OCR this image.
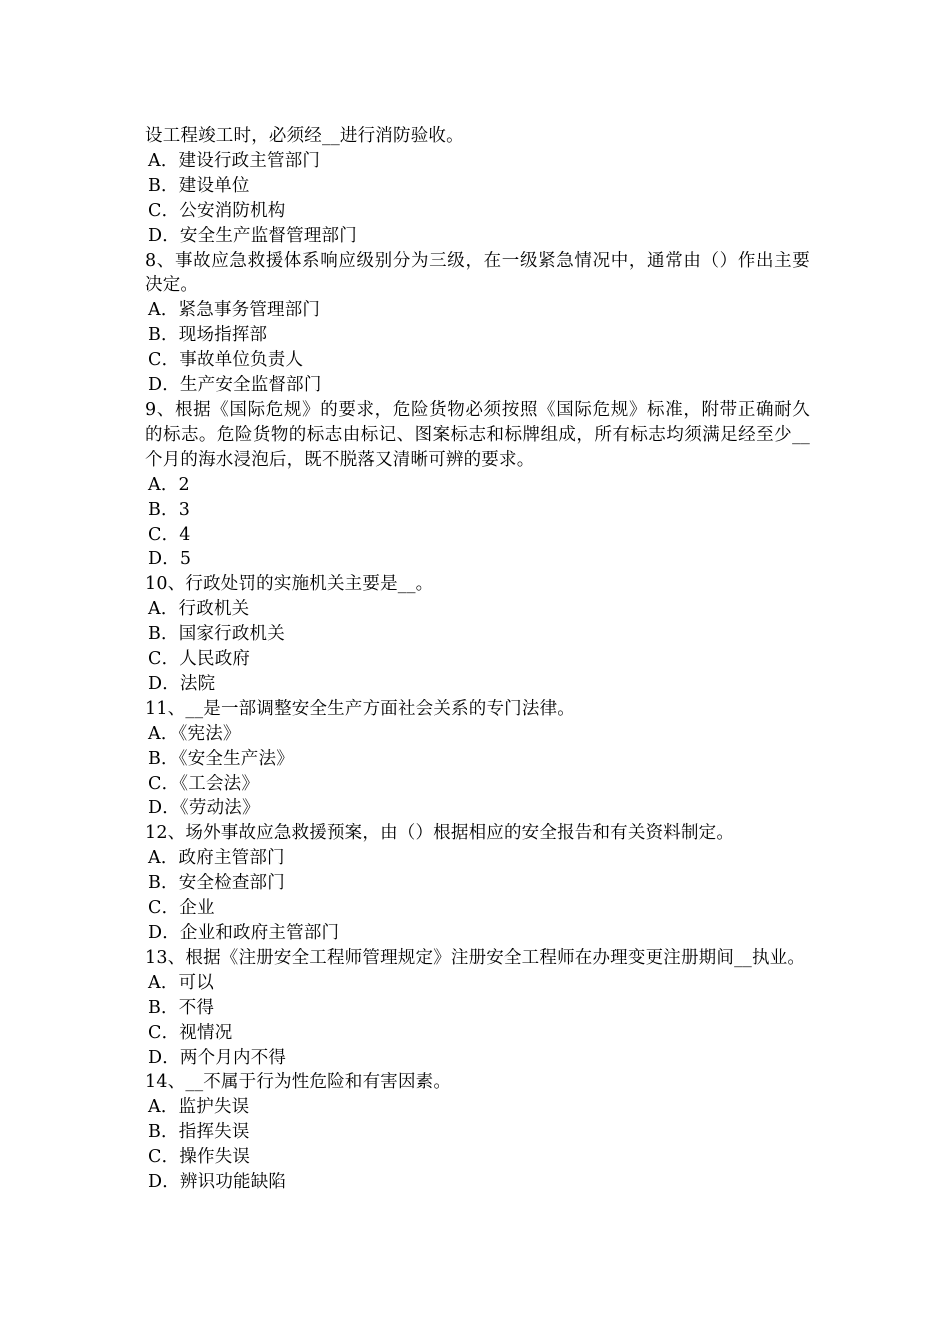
设工程竣工时，必须经__进行消防验收。

A．建设行政主管部门

B．建设单位

C．公安消防机构

D．安全生产监督管理部门

8、事故应急救援体系响应级别分为三级，在一级紧急情况中，通常由（）作出主要决定。

A．紧急事务管理部门

B．现场指挥部

C．事故单位负责人

D．生产安全监督部门

9、根据《国际危规》的要求，危险货物必须按照《国际危规》标准，附带正确耐久的标志。危险货物的标志由标记、图案标志和标牌组成，所有标志均须满足经至少__个月的海水浸泡后，既不脱落又清晰可辨的要求。

A．2

B．3

C．4

D．5

10、行政处罚的实施机关主要是__。

A．行政机关

B．国家行政机关

C．人民政府

D．法院

11、__是一部调整安全生产方面社会关系的专门法律。

A．《宪法》

B．《安全生产法》

C．《工会法》

D．《劳动法》

12、场外事故应急救援预案，由（）根据相应的安全报告和有关资料制定。

A．政府主管部门

B．安全检查部门

C．企业

D．企业和政府主管部门

13、根据《注册安全工程师管理规定》注册安全工程师在办理变更注册期间__执业。

A．可以

B．不得

C．视情况

D．两个月内不得

14、__不属于行为性危险和有害因素。

A．监护失误

B．指挥失误

C．操作失误

D．辨识功能缺陷
